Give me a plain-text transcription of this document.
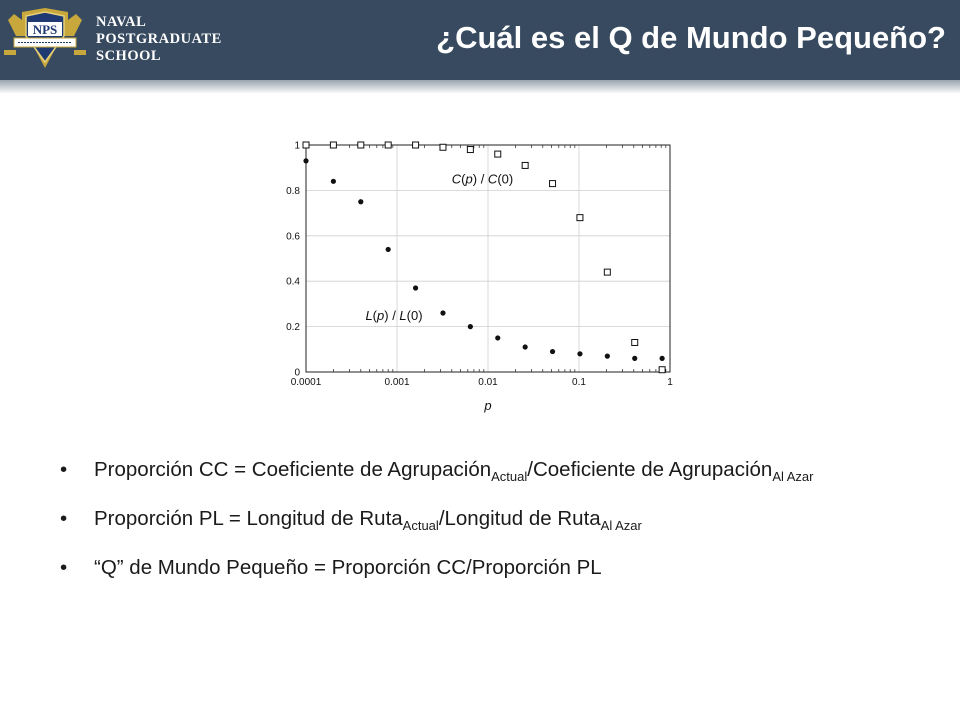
NPS	NAVAL
POSTGRADUATE
SCHOOL
¿Cuál es el Q de Mundo Pequeño?
0.0001	0.001	0.01	0.1	1
0
0.2
0.4
0.6
0.8
1
C(p) / C(0)
L(p) / L(0)
p
• Proporción CC = Coeficiente de Agrupación$_{Actual}$/Coeficiente de Agrupación$_{Al Azar}$
• Proporción PL = Longitud de Ruta$_{Actual}$/Longitud de Ruta$_{Al Azar}$
• “Q” de Mundo Pequeño = Proporción CC/Proporción PL
